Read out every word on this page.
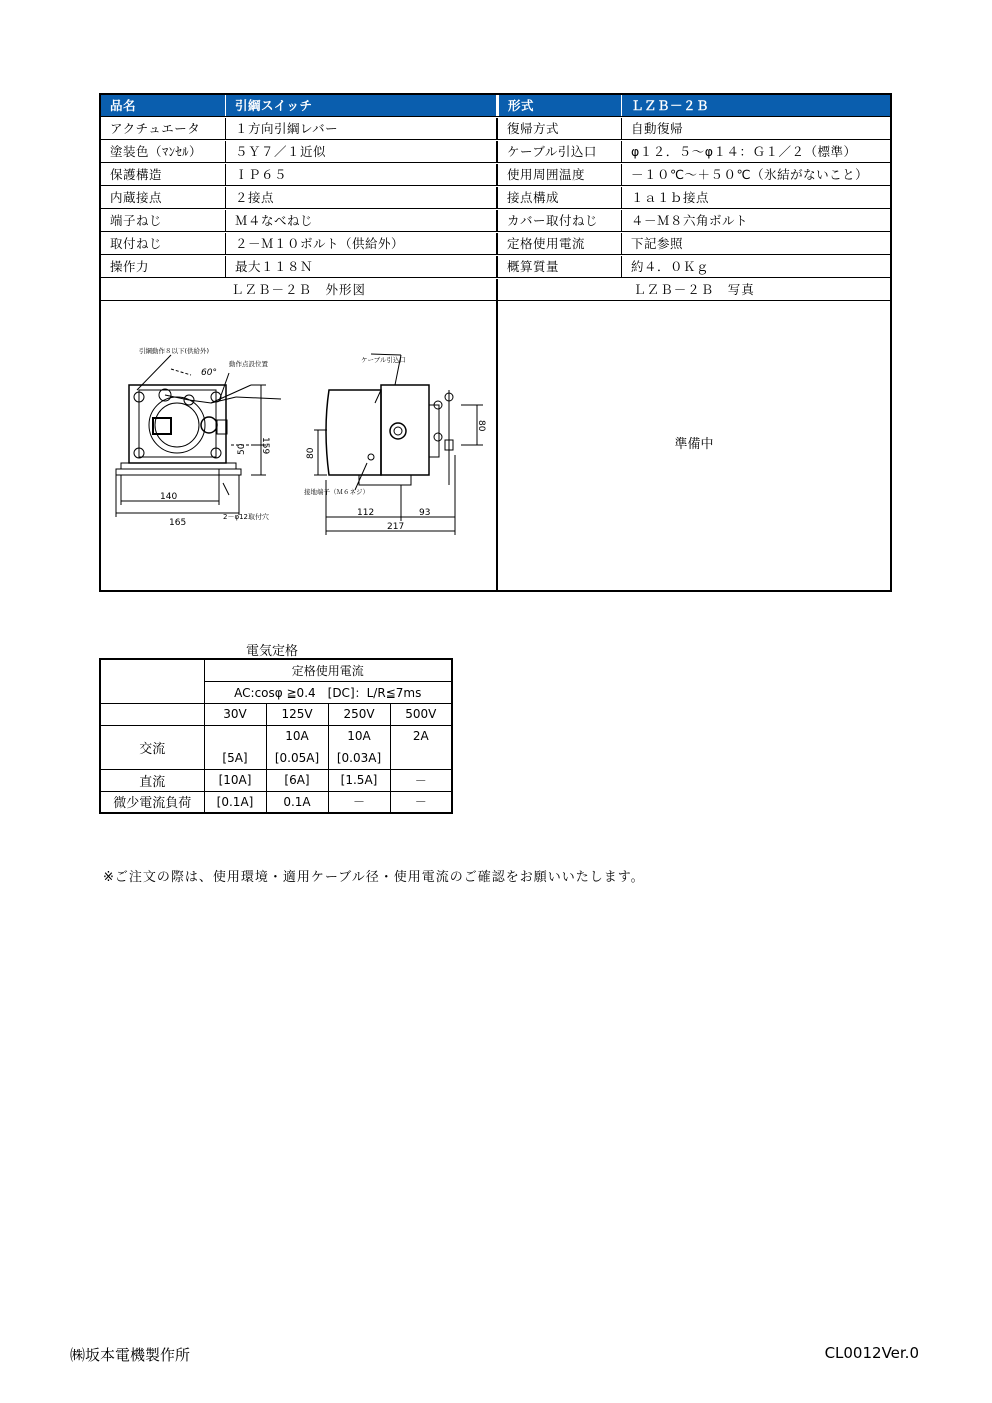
品名	引綱スイッチ	形式	ＬＺＢ－２Ｂ
アクチュエータ	１方向引綱レバー	復帰方式	自動復帰
塗装色（ﾏﾝｾﾙ）	５Ｙ７／１近似	ケーブル引込口	φ１２．５～φ１４：Ｇ１／２（標準）
保護構造	ＩＰ６５	使用周囲温度	－１０℃～＋５０℃（氷結がないこと）
内蔵接点	２接点	接点構成	１ａ１ｂ接点
端子ねじ	Ｍ４なべねじ	カバー取付ねじ	４－Ｍ８六角ボルト
取付ねじ	２－Ｍ１０ボルト（供給外）	定格使用電流	下記参照
操作力	最大１１８Ｎ	概算質量	約４．０Ｋｇ
ＬＺＢ－２Ｂ　外形図	ＬＺＢ－２Ｂ　写真
引綱動作８以下(供給外)
動作点設位置
60°
ケーブル引込口
接地端子（Ｍ６ネジ）
2－φ12取付穴
159
50
140
165
80
80
112	93
217
準備中
電気定格
	定格使用電流			
	AC:cosφ ≧0.4　[DC]：L/R≦7ms			
	30V	125V	250V	500V
交流		10A	10A	2A
	[5A]	[0.05A]	[0.03A]	
直流	[10A]	[6A]	[1.5A]	－
微少電流負荷	[0.1A]	0.1A	－	－
※ご注文の際は、使用環境・適用ケーブル径・使用電流のご確認をお願いいたします。
㈱坂本電機製作所	CL0012Ver.0
